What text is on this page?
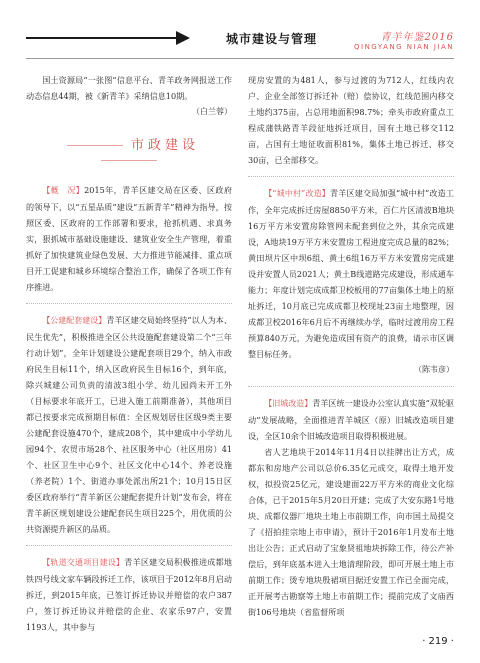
城市建设与管理	青羊年鉴2016
QINGYANG NIAN JIAN

国土资源局“一张图”信息平台、青羊政务网报送工作动态信息44期，被《新青羊》采纳信息10期。

（白兰蓉）

市政建设

【概　况】2015年，青羊区建交局在区委、区政府的领导下，以“五星品质”建设“五新青羊”精神为指导，按照区委、区政府的工作部署和要求，抢抓机遇、求真务实，狠抓城市基础设施建设、建筑业安全生产管理，着重抓好了加快建筑业绿色发展、大力推进节能减排、重点项目开工促建和城乡环境综合整治工作，确保了各项工作有序推进。

【公建配套建设】青羊区建交局始终坚持“以人为本、民生优先”，积极推进全区公共设施配套建设第二个“三年行动计划”，全年计划建设公建配套项目29个，纳入市政府民生目标11个，纳入区政府民生目标16个，到年底，除兴城建公司负责的清波3组小学、幼儿园尚未开工外（目标要求年底开工，已进入施工前期准备），其他项目都已按要求完成预期目标值：全区规划居住区级9类主要公建配套设施470个，建成208个，其中建成中小学幼儿园94个、农贸市场28个、社区服务中心（社区用房）41个、社区卫生中心9个、社区文化中心14个、养老设施（养老院）1个、街道办事处派出所21个；10月15日区委区政府举行“青羊新区公建配套提升计划”发布会，将在青羊新区规划建设公建配套民生项目225个，用优质的公共资源提升新区的品质。

【轨道交通项目建设】青羊区建交局积极推进成都地铁四号线文家车辆段拆迁工作，该项目于2012年8月启动拆迁，到2015年底，已签订拆迁协议并赔偿的农户387户，签订拆迁协议并赔偿的企业、农家乐97户，安置1193人，其中参与

现房安置的为481人，参与过渡的为712人，红线内农户、企业全部签订拆迁补（赔）偿协议，红线范围内移交土地约375亩，占总用地面积98.7%；牵头市政府重点工程成蒲铁路青羊段征地拆迁项目，国有土地已移交112亩，占国有土地征收面积81%，集体土地已拆迁、移交30亩，已全部移交。

【“城中村”改造】青羊区建交局加强“城中村”改造工作，全年完成拆迁房屋8850平方米，百仁片区清波B地块16万平方米安置房除管网未配套到位之外，其余完成建设，A地块19万平方米安置房工程进度完成总量的82%；黄田坝片区中坝6组、黄土6组16万平方米安置房完成建设并安置人员2021人；黄土B线道路完成建设，形成通车能力；年度计划完成成都卫校板用的77亩集体土地上的原址拆迁，10月底已完成成都卫校现址23亩土地整理，因成都卫校2016年6月后不再继续办学，临时过渡用房工程预算840万元，为避免造成国有资产的浪费，请示市区调整目标任务。

（陈韦彦）

【旧城改造】青羊区统一建设办公室认真实施“双轮驱动”发展战略，全面推进青羊城区（原）旧城改造项目建设，全区10余个旧城改造项目取得积极进展。

省人艺地块于2014年11月4日以挂牌出让方式，成都东和房地产公司以总价6.35亿元成交，取得土地开发权，拟投资25亿元，建设建面22万平方米的商业文化综合体，已于2015年5月20日开建；完成了大安东路1号地块、成都仪器厂地块土地上市前期工作，向市国土局提交了《招拍挂宗地上市申请》，预计于2016年1月发布土地出让公告；正式启动了宝象贤祖地块拆除工作，待公产补偿后，到年底基本进入土地清理阶段，即可开展土地上市前期工作；烫专地块殷裙项目据迁安置工作已全面完成，正开展考古勘察等土地上市前期工作；提前完成了文庙西街106号地块（省监督所项

· 219 ·
